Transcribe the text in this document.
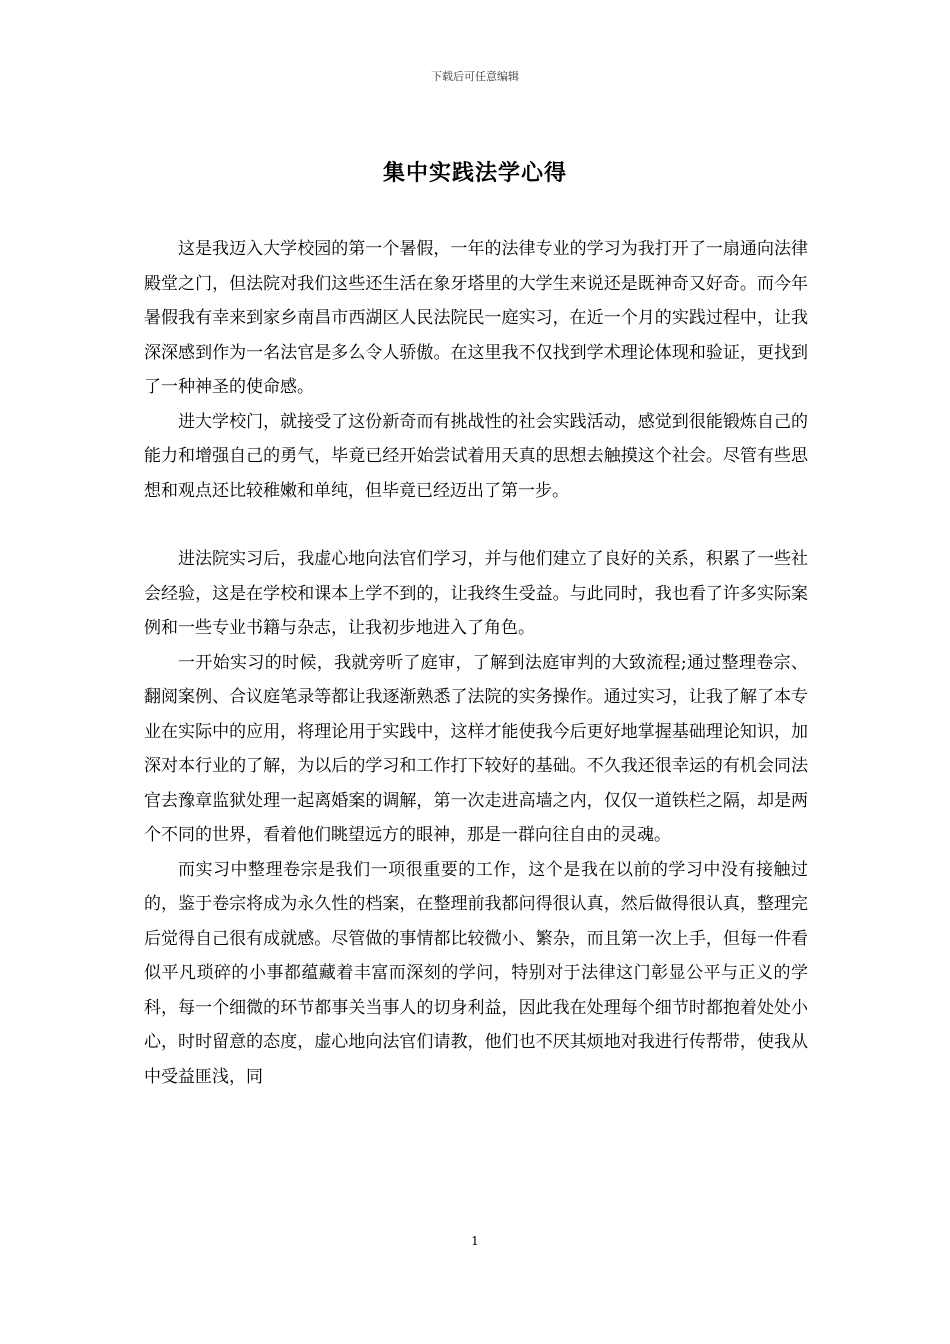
下载后可任意编辑
集中实践法学心得

这是我迈入大学校园的第一个暑假，一年的法律专业的学习为我打开了一扇通向法律殿堂之门，但法院对我们这些还生活在象牙塔里的大学生来说还是既神奇又好奇。而今年暑假我有幸来到家乡南昌市西湖区人民法院民一庭实习，在近一个月的实践过程中，让我深深感到作为一名法官是多么令人骄傲。在这里我不仅找到学术理论体现和验证，更找到了一种神圣的使命感。

进大学校门，就接受了这份新奇而有挑战性的社会实践活动，感觉到很能锻炼自己的能力和增强自己的勇气，毕竟已经开始尝试着用天真的思想去触摸这个社会。尽管有些思想和观点还比较稚嫩和单纯，但毕竟已经迈出了第一步。

进法院实习后，我虚心地向法官们学习，并与他们建立了良好的关系，积累了一些社会经验，这是在学校和课本上学不到的，让我终生受益。与此同时，我也看了许多实际案例和一些专业书籍与杂志，让我初步地进入了角色。

一开始实习的时候，我就旁听了庭审，了解到法庭审判的大致流程;通过整理卷宗、翻阅案例、合议庭笔录等都让我逐渐熟悉了法院的实务操作。通过实习，让我了解了本专业在实际中的应用，将理论用于实践中，这样才能使我今后更好地掌握基础理论知识，加深对本行业的了解，为以后的学习和工作打下较好的基础。不久我还很幸运的有机会同法官去豫章监狱处理一起离婚案的调解，第一次走进高墙之内，仅仅一道铁栏之隔，却是两个不同的世界，看着他们眺望远方的眼神，那是一群向往自由的灵魂。

而实习中整理卷宗是我们一项很重要的工作，这个是我在以前的学习中没有接触过的，鉴于卷宗将成为永久性的档案，在整理前我都问得很认真，然后做得很认真，整理完后觉得自己很有成就感。尽管做的事情都比较微小、繁杂，而且第一次上手，但每一件看似平凡琐碎的小事都蕴藏着丰富而深刻的学问，特别对于法律这门彰显公平与正义的学科，每一个细微的环节都事关当事人的切身利益，因此我在处理每个细节时都抱着处处小心，时时留意的态度，虚心地向法官们请教，他们也不厌其烦地对我进行传帮带，使我从中受益匪浅，同

1
